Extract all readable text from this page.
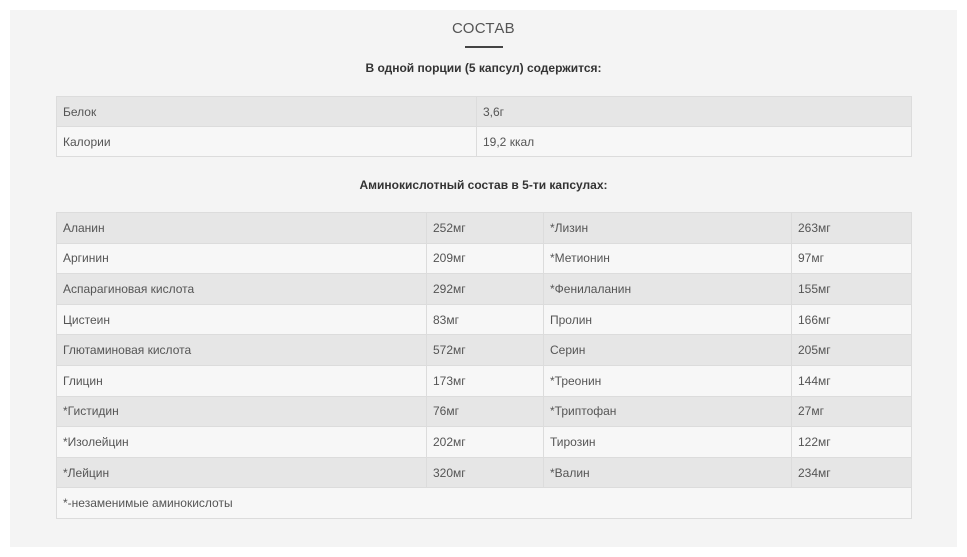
СОСТАВ
В одной порции (5 капсул) содержится:
Белок	3,6г
Калории	19,2 ккал
Аминокислотный состав в 5-ти капсулах:
Аланин	252мг	*Лизин	263мг
Аргинин	209мг	*Метионин	97мг
Аспарагиновая кислота	292мг	*Фенилаланин	155мг
Цистеин	83мг	Пролин	166мг
Глютаминовая кислота	572мг	Серин	205мг
Глицин	173мг	*Треонин	144мг
*Гистидин	76мг	*Триптофан	27мг
*Изолейцин	202мг	Тирозин	122мг
*Лейцин	320мг	*Валин	234мг
*-незаменимые аминокислоты			
